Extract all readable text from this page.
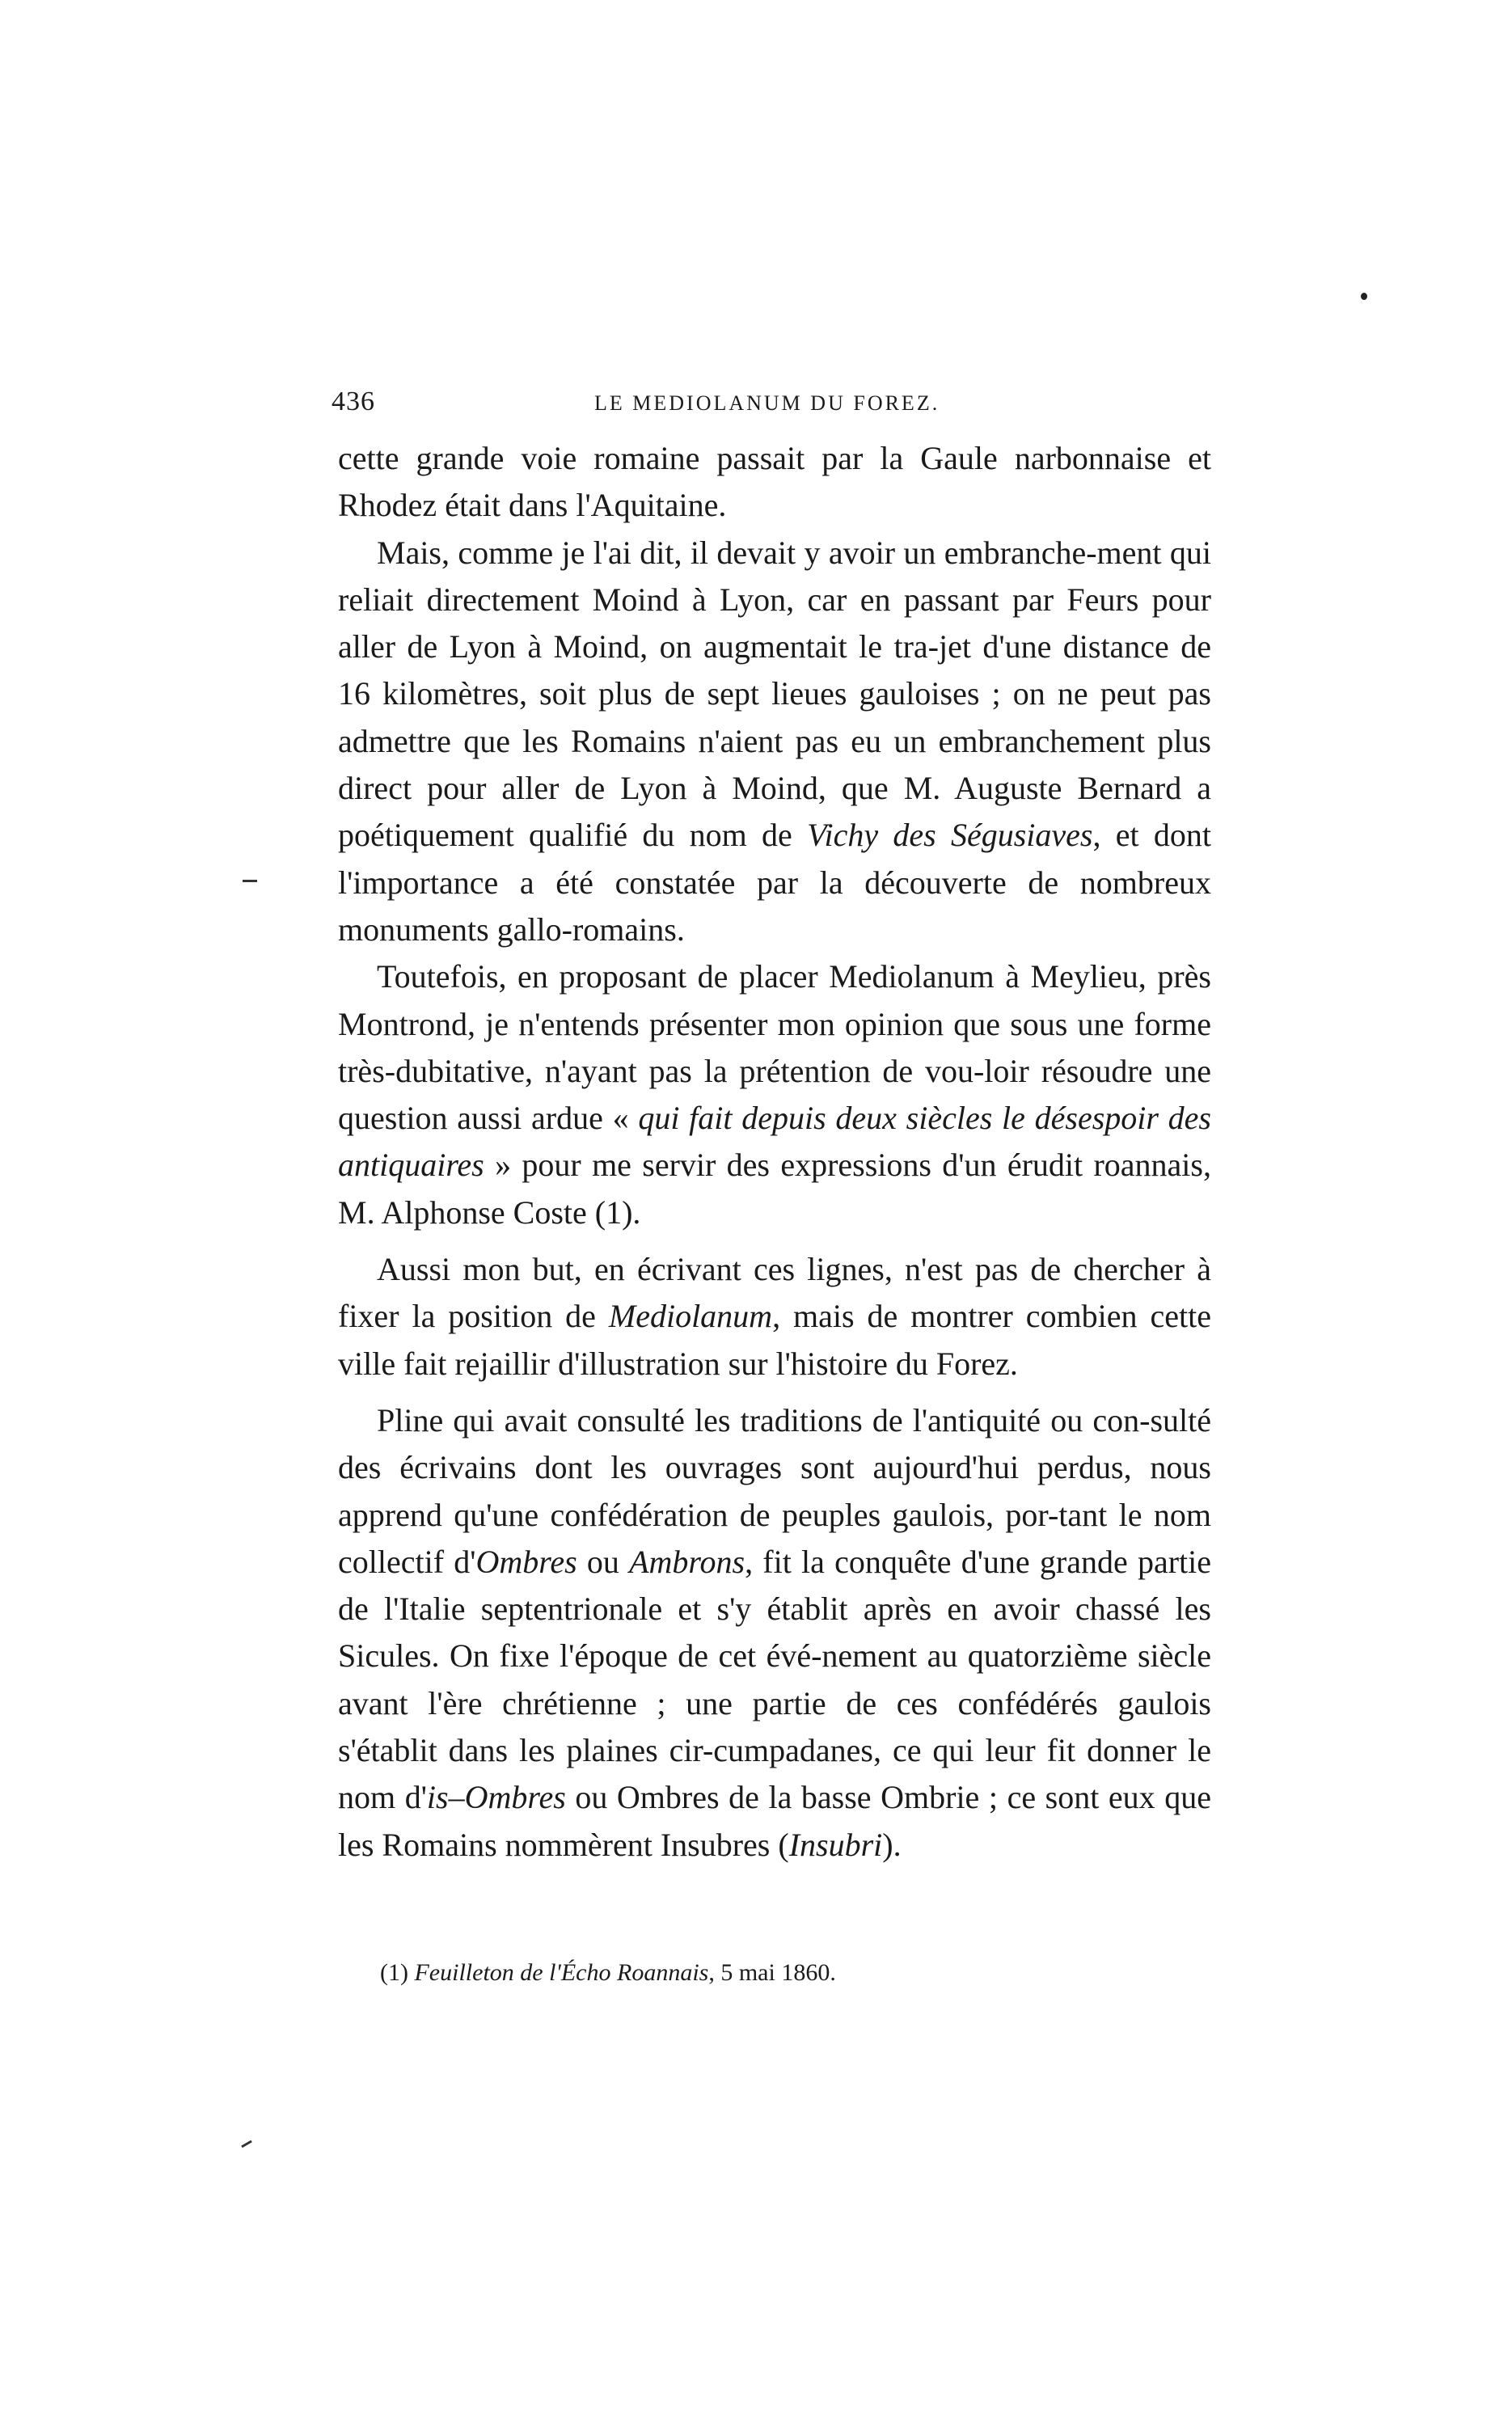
436	LE MEDIOLANUM DU FOREZ.

cette grande voie romaine passait par la Gaule narbonnaise et Rhodez était dans l'Aquitaine.

Mais, comme je l'ai dit, il devait y avoir un embranche-ment qui reliait directement Moind à Lyon, car en passant par Feurs pour aller de Lyon à Moind, on augmentait le tra-jet d'une distance de 16 kilomètres, soit plus de sept lieues gauloises ; on ne peut pas admettre que les Romains n'aient pas eu un embranchement plus direct pour aller de Lyon à Moind, que M. Auguste Bernard a poétiquement qualifié du nom de Vichy des Ségusiaves, et dont l'importance a été constatée par la découverte de nombreux monuments gallo-romains.

Toutefois, en proposant de placer Mediolanum à Meylieu, près Montrond, je n'entends présenter mon opinion que sous une forme très-dubitative, n'ayant pas la prétention de vou-loir résoudre une question aussi ardue « qui fait depuis deux siècles le désespoir des antiquaires » pour me servir des expressions d'un érudit roannais, M. Alphonse Coste (1).

Aussi mon but, en écrivant ces lignes, n'est pas de chercher à fixer la position de Mediolanum, mais de montrer combien cette ville fait rejaillir d'illustration sur l'histoire du Forez.

Pline qui avait consulté les traditions de l'antiquité ou con-sulté des écrivains dont les ouvrages sont aujourd'hui perdus, nous apprend qu'une confédération de peuples gaulois, por-tant le nom collectif d'Ombres ou Ambrons, fit la conquête d'une grande partie de l'Italie septentrionale et s'y établit après en avoir chassé les Sicules. On fixe l'époque de cet évé-nement au quatorzième siècle avant l'ère chrétienne ; une partie de ces confédérés gaulois s'établit dans les plaines cir-cumpadanes, ce qui leur fit donner le nom d'is–Ombres ou Ombres de la basse Ombrie ; ce sont eux que les Romains nommèrent Insubres (Insubri).

(1) Feuilleton de l'Écho Roannais, 5 mai 1860.
